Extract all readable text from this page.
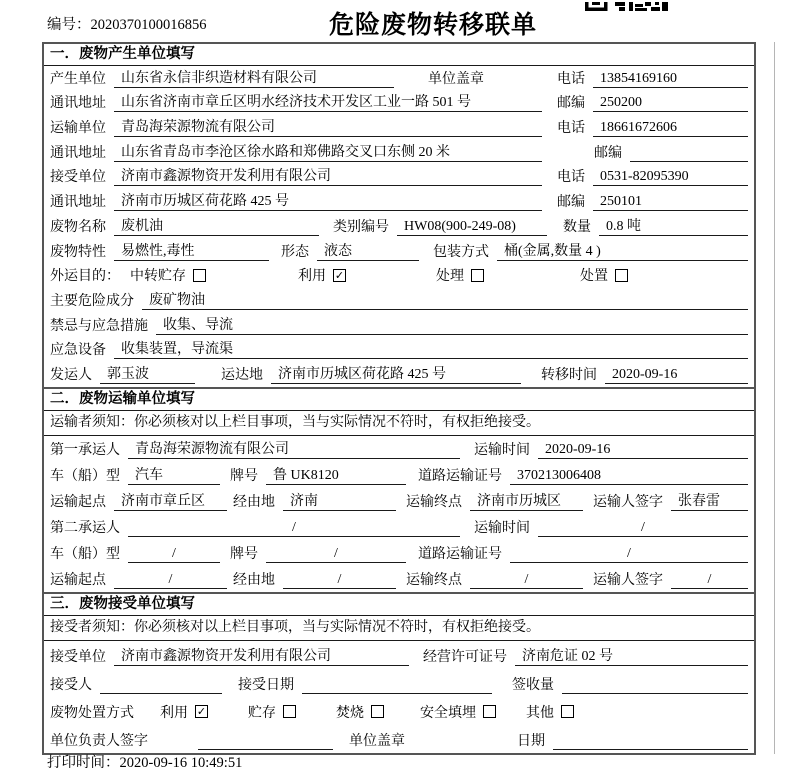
编号：2020370100016856	危险废物转移联单
一．废物产生单位填写
产生单位	山东省永信非织造材料有限公司	单位盖章	电话	13854169160
通讯地址	山东省济南市章丘区明水经济技术开发区工业一路 501 号	邮编	250200
运输单位	青岛海荣源物流有限公司	电话	18661672606
通讯地址	山东省青岛市李沧区徐水路和郑佛路交叉口东侧 20 米	邮编
接受单位	济南市鑫源物资开发利用有限公司	电话	0531-82095390
通讯地址	济南市历城区荷花路 425 号	邮编	250101
废物名称	废机油	类别编号	HW08(900-249-08)	数量	0.8 吨
废物特性	易燃性,毒性	形态	液态	包装方式	桶(金属,数量 4 )
外运目的： 中转贮存	利用 ✓	处理	处置
主要危险成分	废矿物油
禁忌与应急措施	收集、导流
应急设备	收集装置，导流渠
发运人	郭玉波	运达地	济南市历城区荷花路 425 号	转移时间	2020-09-16
二．废物运输单位填写
运输者须知：你必须核对以上栏目事项，当与实际情况不符时，有权拒绝接受。
第一承运人	青岛海荣源物流有限公司	运输时间	2020-09-16
车（船）型	汽车	牌号	鲁 UK8120	道路运输证号	370213006408
运输起点	济南市章丘区 经由地	济南	运输终点	济南市历城区 运输人签字	张春雷
第二承运人	/	运输时间	/
车（船）型	/	牌号	/	道路运输证号	/
运输起点	/	经由地	/	运输终点	/	运输人签字	/
三．废物接受单位填写
接受者须知：你必须核对以上栏目事项，当与实际情况不符时，有权拒绝接受。
接受单位	济南市鑫源物资开发利用有限公司	经营许可证号	济南危证 02 号
接受人	接受日期	签收量
废物处置方式 利用 ✓	贮存	焚烧	安全填埋	其他
单位负责人签字	单位盖章	日期
打印时间：2020-09-16 10:49:51
